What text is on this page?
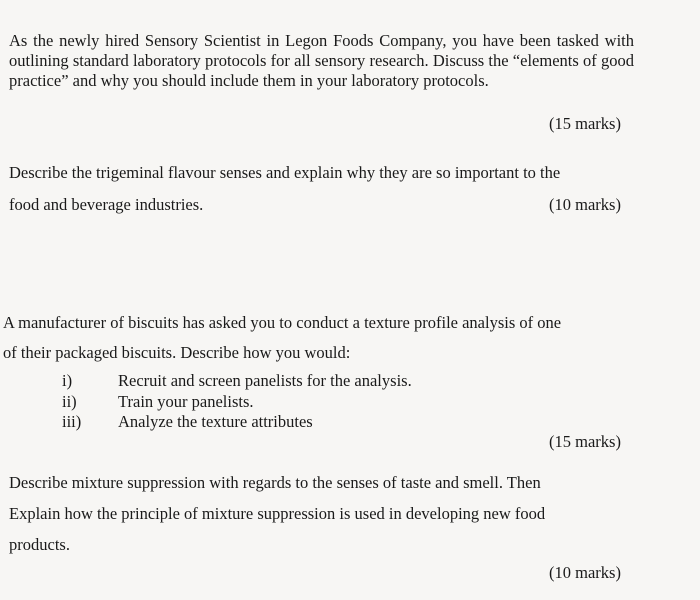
As the newly hired Sensory Scientist in Legon Foods Company, you have been tasked with outlining standard laboratory protocols for all sensory research. Discuss the “elements of good practice” and why you should include them in your laboratory protocols.
(15 marks)
Describe the trigeminal flavour senses and explain why they are so important to the
food and beverage industries.	(10 marks)
A manufacturer of biscuits has asked you to conduct a texture profile analysis of one
of their packaged biscuits. Describe how you would:
i)	Recruit and screen panelists for the analysis.
ii)	Train your panelists.
iii) Analyze the texture attributes
(15 marks)
Describe mixture suppression with regards to the senses of taste and smell. Then
Explain how the principle of mixture suppression is used in developing new food
products.
(10 marks)
